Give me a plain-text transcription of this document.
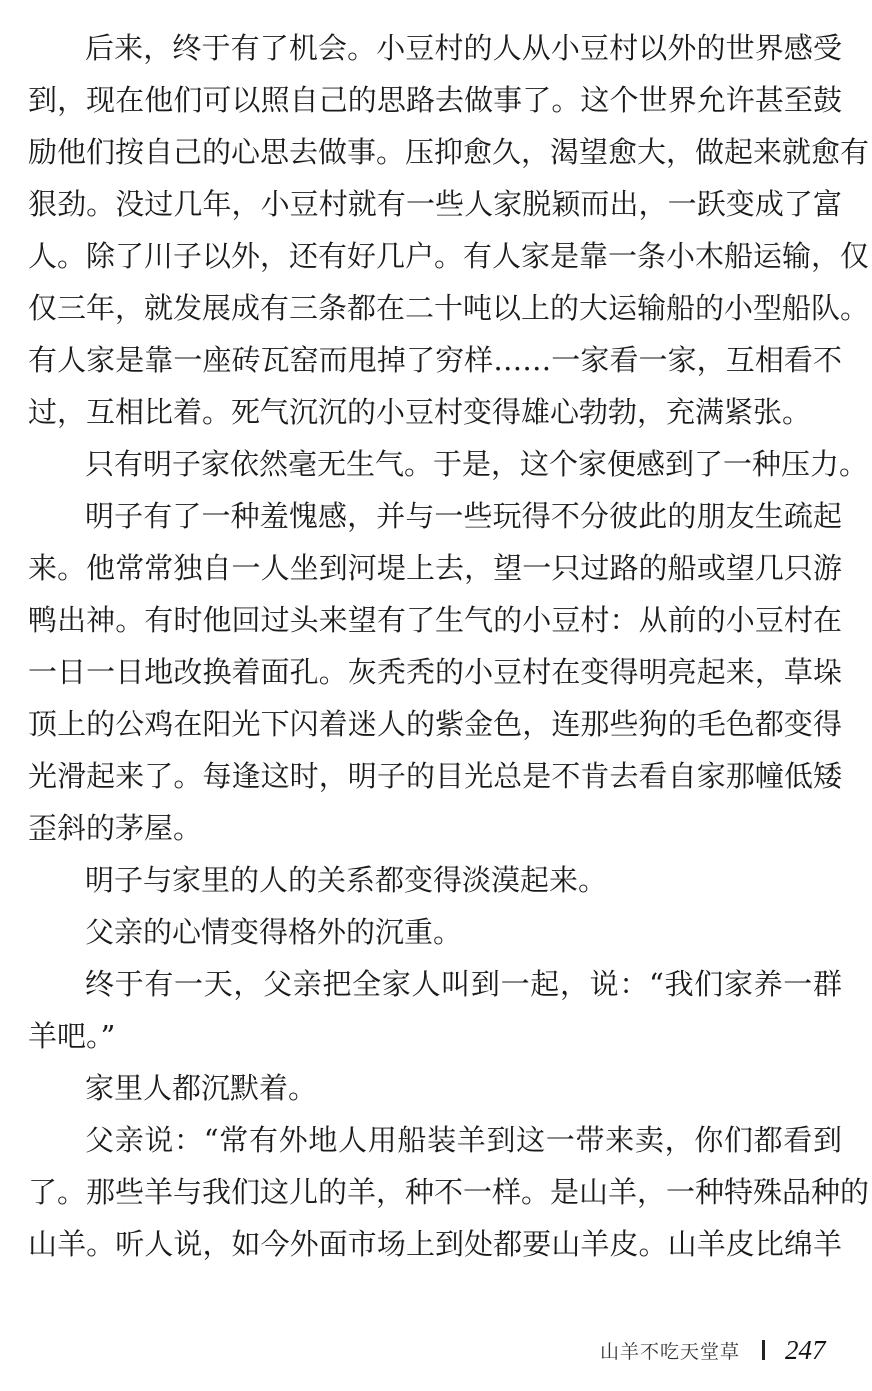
后来，终于有了机会。小豆村的人从小豆村以外的世界感受
到，现在他们可以照自己的思路去做事了。这个世界允许甚至鼓
励他们按自己的心思去做事。压抑愈久，渴望愈大，做起来就愈有
狠劲。没过几年，小豆村就有一些人家脱颖而出，一跃变成了富
人。除了川子以外，还有好几户。有人家是靠一条小木船运输，仅
仅三年，就发展成有三条都在二十吨以上的大运输船的小型船队。
有人家是靠一座砖瓦窑而甩掉了穷样……一家看一家，互相看不
过，互相比着。死气沉沉的小豆村变得雄心勃勃，充满紧张。
只有明子家依然毫无生气。于是，这个家便感到了一种压力。
明子有了一种羞愧感，并与一些玩得不分彼此的朋友生疏起
来。他常常独自一人坐到河堤上去，望一只过路的船或望几只游
鸭出神。有时他回过头来望有了生气的小豆村：从前的小豆村在
一日一日地改换着面孔。灰秃秃的小豆村在变得明亮起来，草垛
顶上的公鸡在阳光下闪着迷人的紫金色，连那些狗的毛色都变得
光滑起来了。每逢这时，明子的目光总是不肯去看自家那幢低矮
歪斜的茅屋。
明子与家里的人的关系都变得淡漠起来。
父亲的心情变得格外的沉重。
终于有一天，父亲把全家人叫到一起，说：“我们家养一群
羊吧。”
家里人都沉默着。
父亲说：“常有外地人用船装羊到这一带来卖，你们都看到
了。那些羊与我们这儿的羊，种不一样。是山羊，一种特殊品种的
山羊。听人说，如今外面市场上到处都要山羊皮。山羊皮比绵羊
山羊不吃天堂草 247
